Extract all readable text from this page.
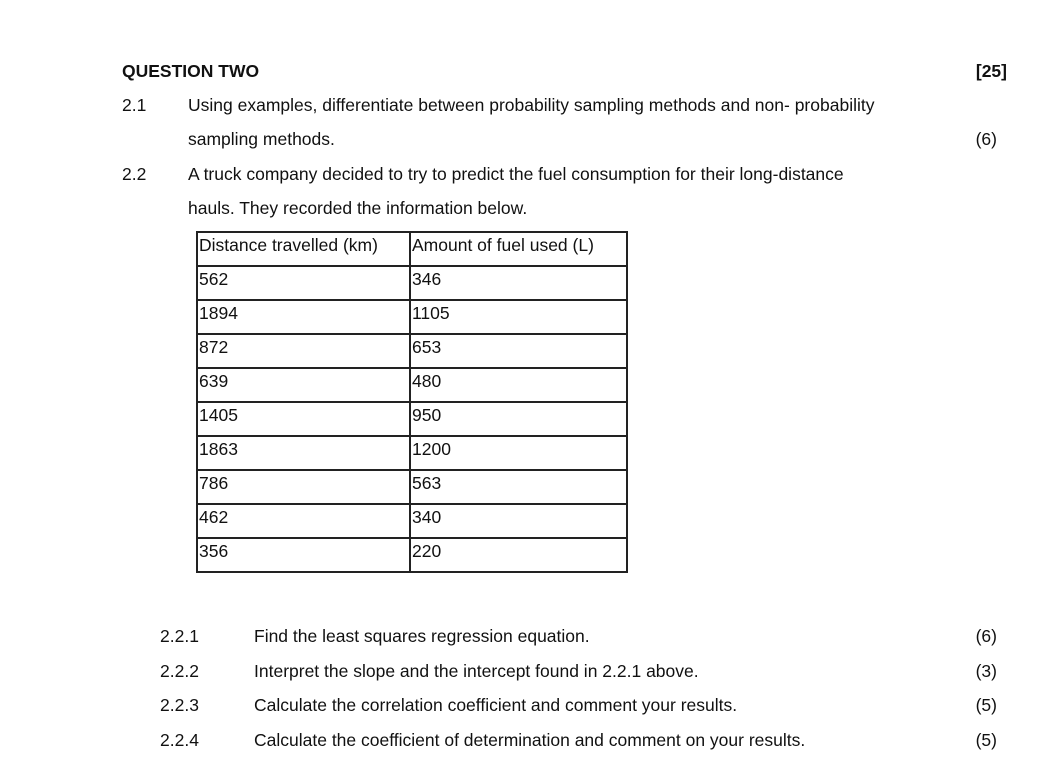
QUESTION TWO	[25]
2.1 Using examples, differentiate between probability sampling methods and non- probability
sampling methods.	(6)
2.2 A truck company decided to try to predict the fuel consumption for their long-distance
hauls. They recorded the information below.
Distance travelled (km)	Amount of fuel used (L)
562	346
1894	1105
872	653
639	480
1405	950
1863	1200
786	563
462	340
356	220
2.2.1	Find the least squares regression equation.	(6)
2.2.2	Interpret the slope and the intercept found in 2.2.1 above.	(3)
2.2.3	Calculate the correlation coefficient and comment your results.	(5)
2.2.4	Calculate the coefficient of determination and comment on your results.	(5)
